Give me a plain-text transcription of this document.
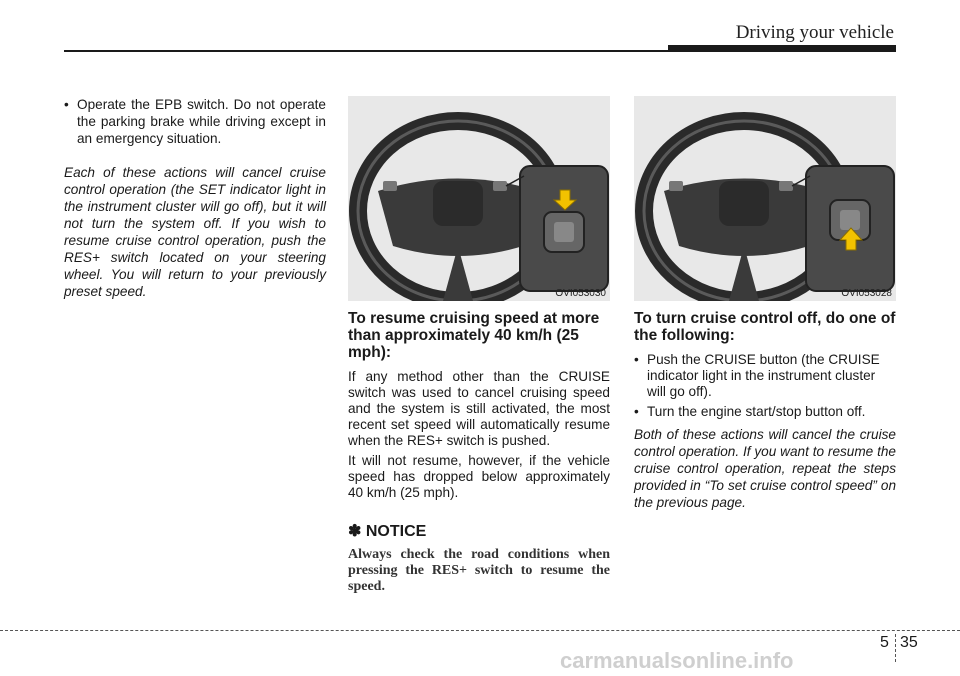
Driving your vehicle
• Operate the EPB switch. Do not operate the parking brake while driving except in an emergency situation.
Each of these actions will cancel cruise control operation (the SET indicator light in the instrument cluster will go off), but it will not turn the system off. If you wish to resume cruise control operation, push the RES+ switch located on your steering wheel. You will return to your previously preset speed.	OVI053030	OVI053028
To resume cruising speed at more than approximately 40 km/h (25 mph):

If any method other than the CRUISE switch was used to cancel cruising speed and the system is still activated, the most recent set speed will automatically resume when the RES+ switch is pushed.

It will not resume, however, if the vehicle speed has dropped below approximately 40 km/h (25 mph).

✽ NOTICE
Always check the road conditions when pressing the RES+ switch to resume the speed.
To turn cruise control off, do one of the following:
• Push the CRUISE button (the CRUISE indicator light in the instrument cluster will go off).
• Turn the engine start/stop button off.
Both of these actions will cancel the cruise control operation. If you want to resume the cruise control operation, repeat the steps provided in “To set cruise control speed” on the previous page.
5 35
carmanualsonline.info
